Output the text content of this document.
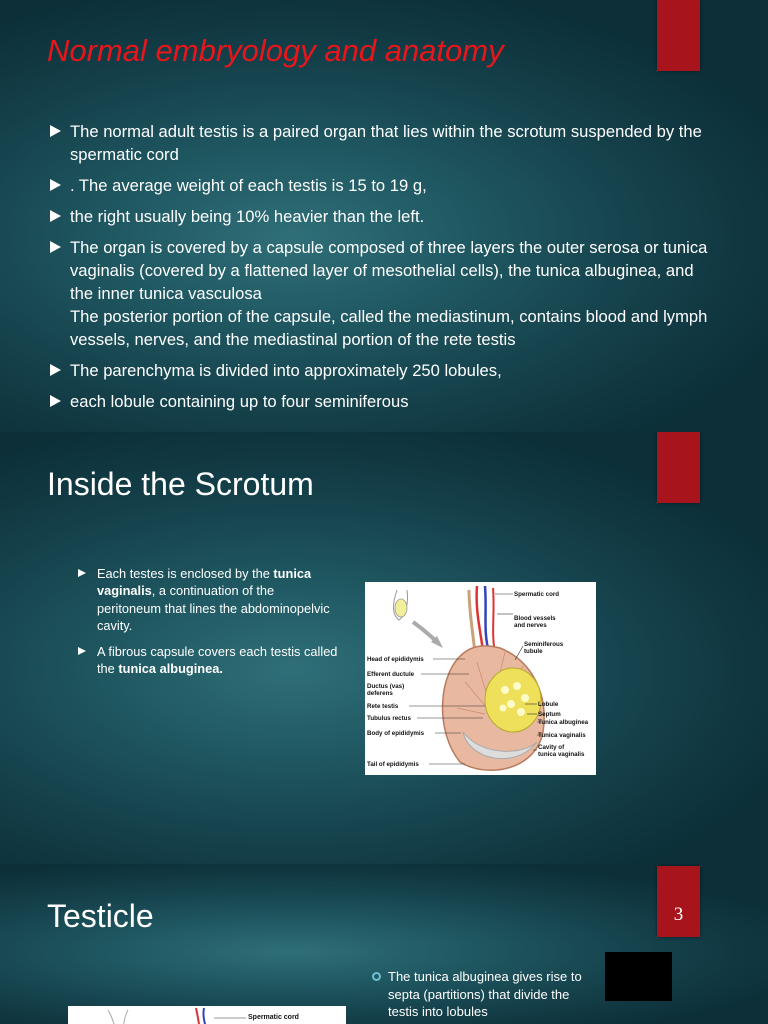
Normal embryology and anatomy
The normal adult testis is a paired organ that lies within the scrotum suspended by the spermatic cord
. The average weight of each testis is 15 to 19 g,
the right usually being 10% heavier than the left.
The organ is covered by a capsule composed of three layers the outer serosa or tunica vaginalis (covered by a flattened layer of mesothelial cells), the tunica albuginea, and the inner tunica vasculosa
The posterior portion of the capsule, called the mediastinum, contains blood and lymph vessels, nerves, and the mediastinal portion of the rete testis
The parenchyma is divided into approximately 250 lobules,
each lobule containing up to four seminiferous
Inside the Scrotum
Each testes is enclosed by the tunica vaginalis, a continuation of the peritoneum that lines the abdominopelvic cavity.
A fibrous capsule covers each testis called the tunica albuginea.
Spermatic cord
Blood vessels
and nerves
Seminiferous
tubule
Head of epididymis
Efferent ductule
Ductus (vas)
deferens
Rete testis
Tubulus rectus
Body of epididymis
Tail of epididymis
Lobule
Septum
Tunica albuginea
Tunica vaginalis
Cavity of
tunica vaginalis
3
Testicle
The tunica albuginea gives rise to septa (partitions) that divide the testis into lobules
Spermatic cord
